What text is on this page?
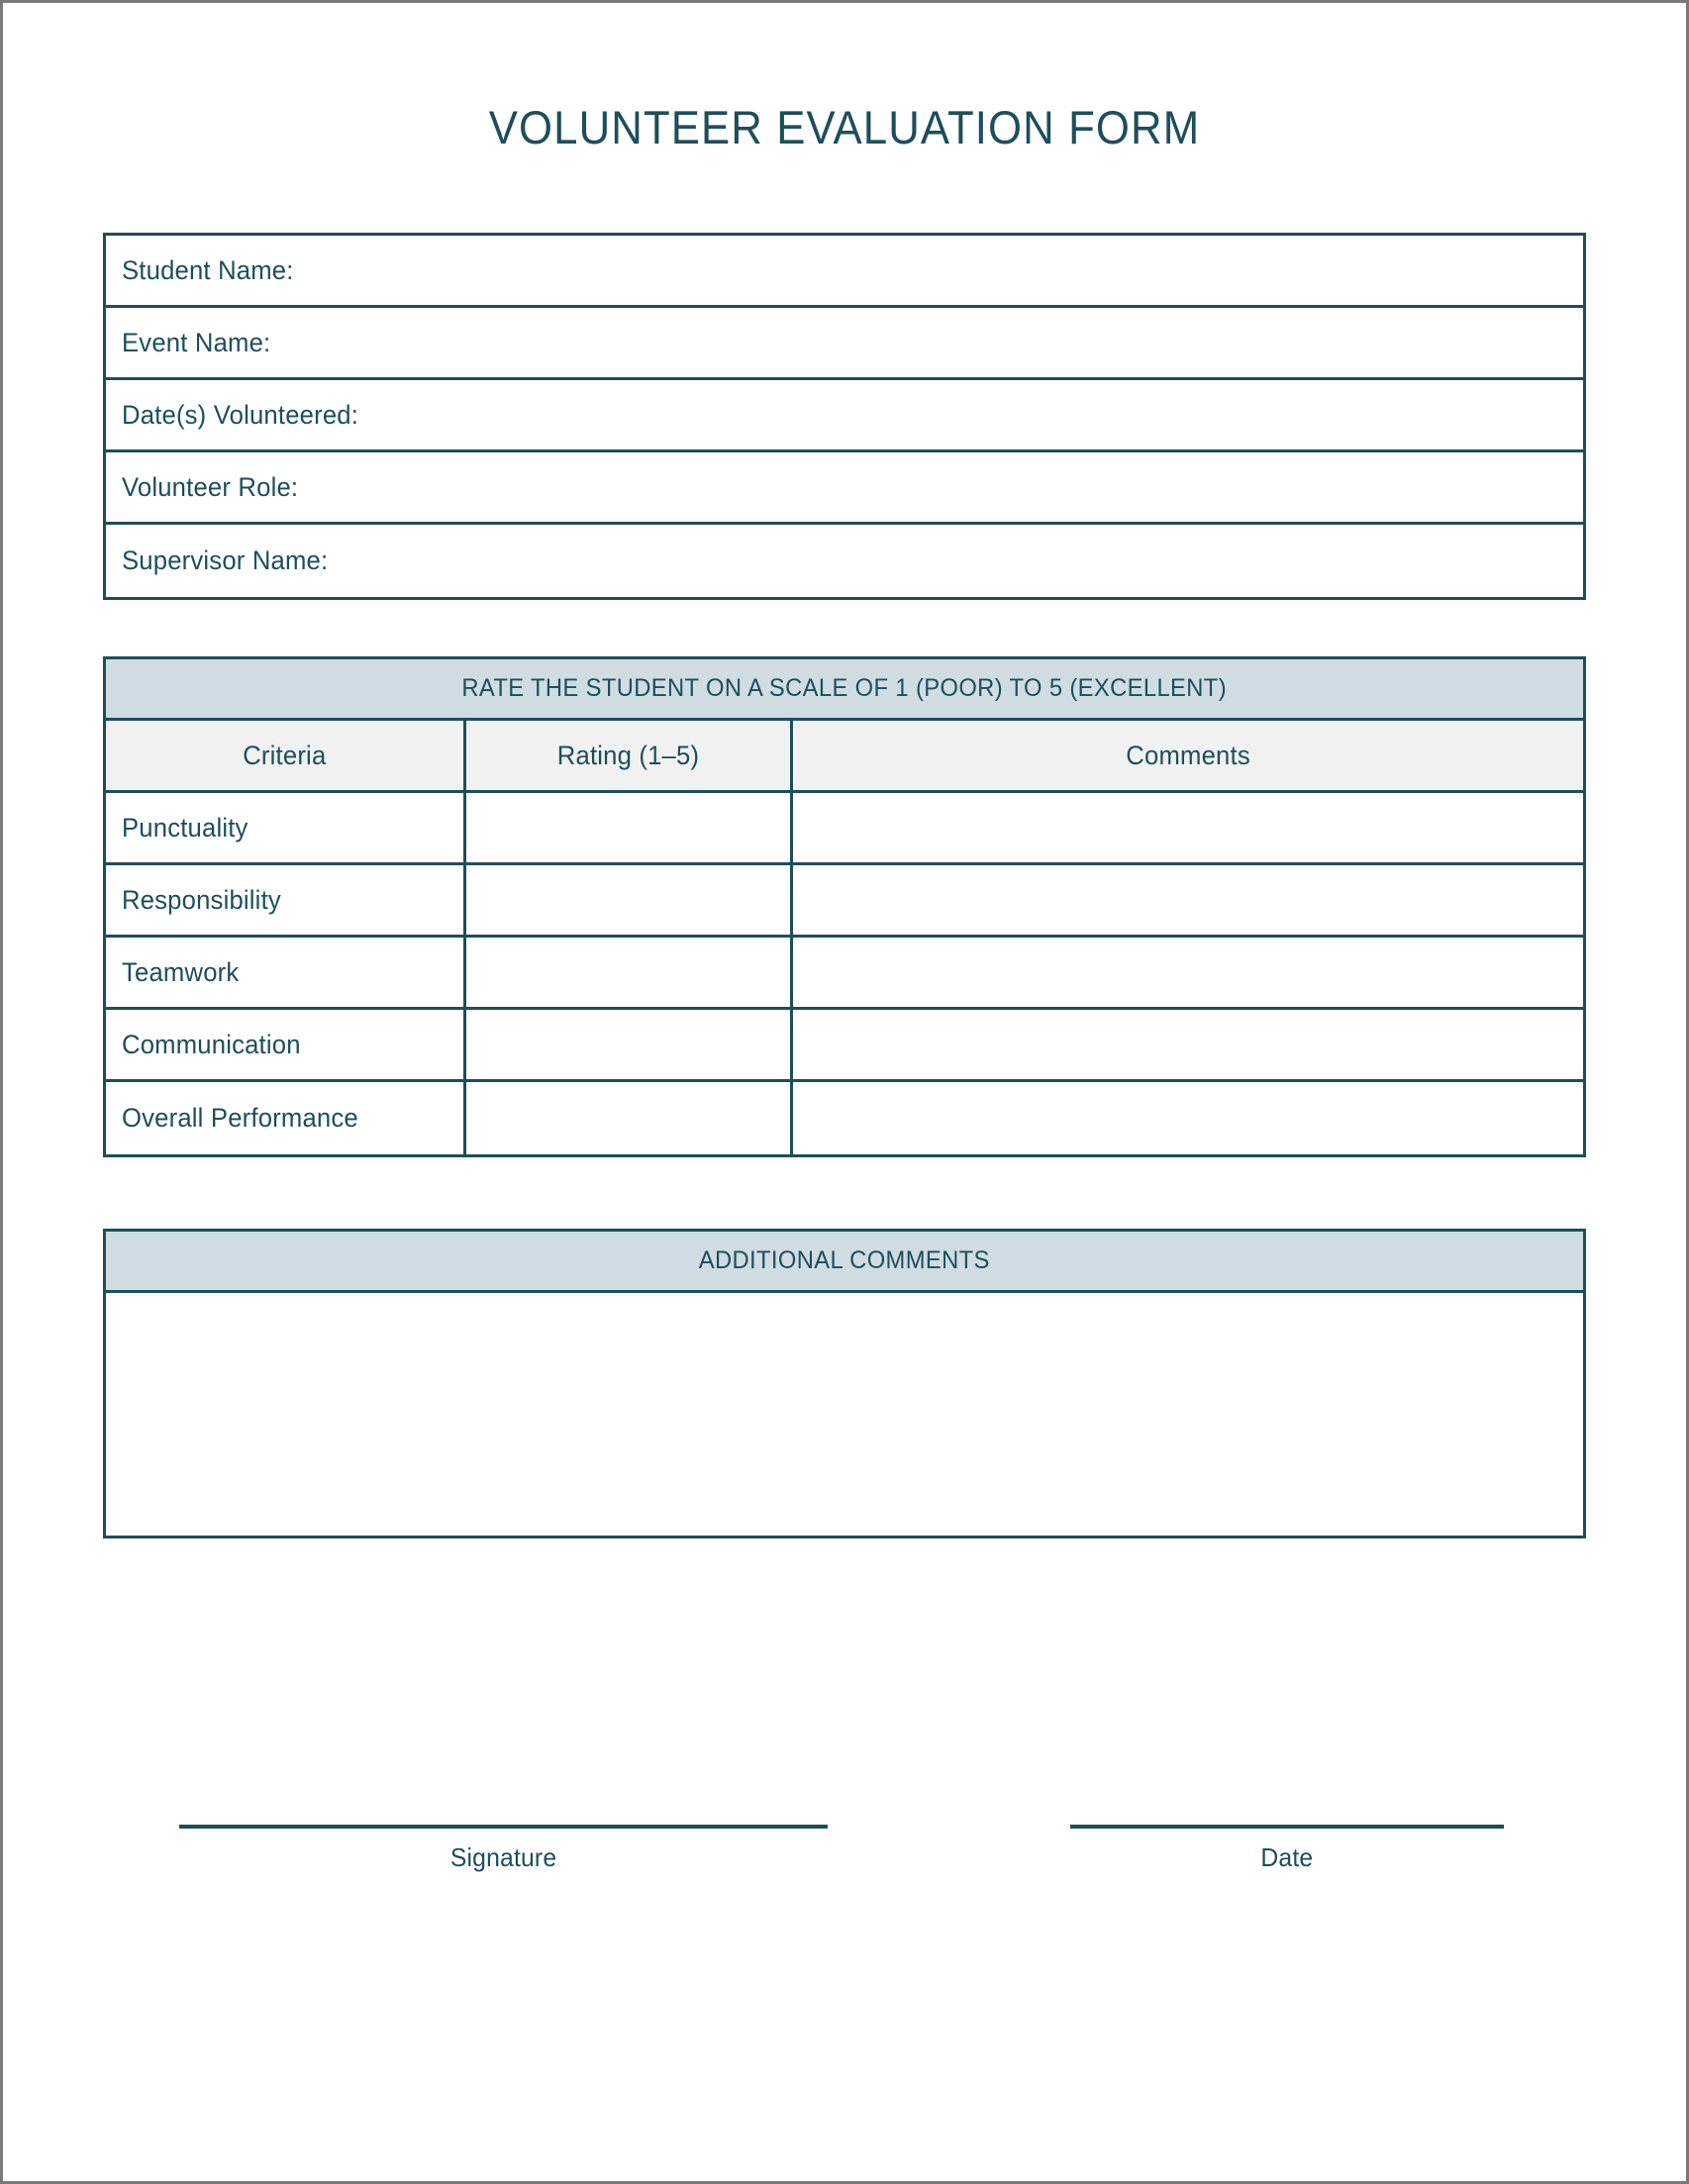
VOLUNTEER EVALUATION FORM
Student Name:
Event Name:
Date(s) Volunteered:
Volunteer Role:
Supervisor Name:
RATE THE STUDENT ON A SCALE OF 1 (POOR) TO 5 (EXCELLENT)
Criteria	Rating (1–5)	Comments
Punctuality
Responsibility
Teamwork
Communication
Overall Performance
ADDITIONAL COMMENTS
Signature	Date
